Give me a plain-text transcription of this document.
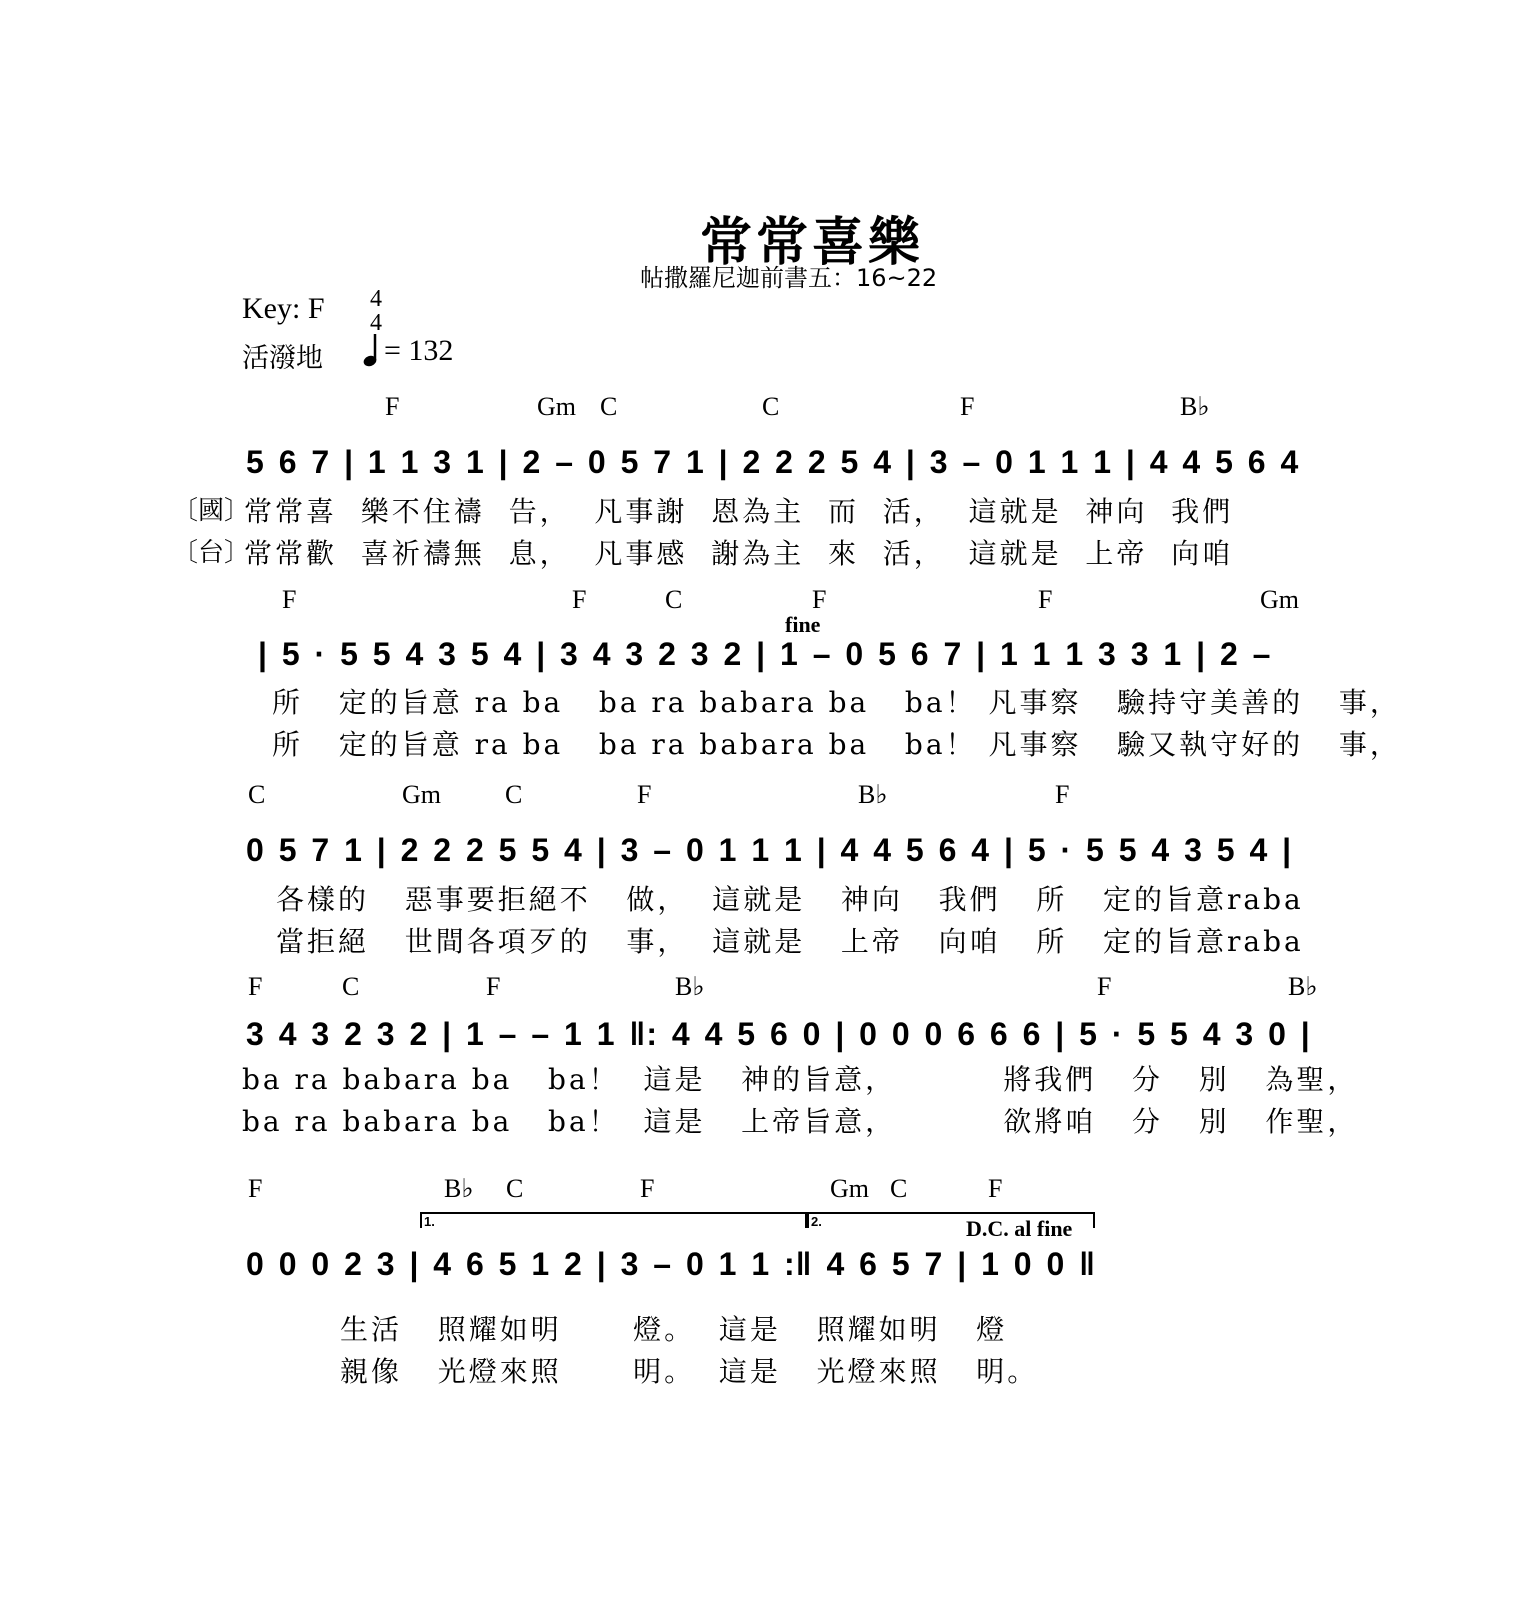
常常喜樂
帖撒羅尼迦前書五：16~22
Key: F 4
4
活潑地 = 132
F	Gm C	C	F	B♭
5 6 7 | 1 1 3 1 | 2 – 0 5 7 1 | 2 2 2 5 4 | 3 – 0 1 1 1 | 4 4 5 6 4
〔國〕
常常喜  樂不住禱  告，  凡事謝  恩為主  而  活，  這就是  神向  我們
〔台〕
常常歡  喜祈禱無  息，  凡事感  謝為主  來  活，  這就是  上帝  向咱
F	F	C	F	F	Gm
fine
| 5 · 5 5 4 3 5 4 | 3 4 3 2 3 2 | 1 – 0 5 6 7 | 1 1 1 3 3 1 | 2 –
所   定的旨意 ra ba   ba ra babara ba   ba！ 凡事察   驗持守美善的   事，
所   定的旨意 ra ba   ba ra babara ba   ba！ 凡事察   驗又執守好的   事，
C	Gm C	F	B♭	F
0 5 7 1 | 2 2 2 5 5 4 | 3 – 0 1 1 1 | 4 4 5 6 4 | 5 · 5 5 4 3 5 4 |
各樣的   惡事要拒絕不   做，  這就是   神向   我們   所   定的旨意raba
當拒絕   世間各項歹的   事，  這就是   上帝   向咱   所   定的旨意raba
F	C	F	B♭	F	B♭
3 4 3 2 3 2 | 1 – – 1 1 ‖: 4 4 5 6 0 | 0 0 0 6 6 6 | 5 · 5 5 4 3 0 |
ba ra babara ba   ba！  這是   神的旨意，         將我們   分   別   為聖，
ba ra babara ba   ba！  這是   上帝旨意，         欲將咱   分   別   作聖，
F	B♭ C	F	Gm C	F
1.	2.	D.C. al fine
0 0 0 2 3 | 4 6 5 1 2 | 3 – 0 1 1 :‖ 4 6 5 7 | 1 0 0 ‖
生活   照耀如明      燈。  這是   照耀如明   燈
親像   光燈來照      明。  這是   光燈來照   明。
